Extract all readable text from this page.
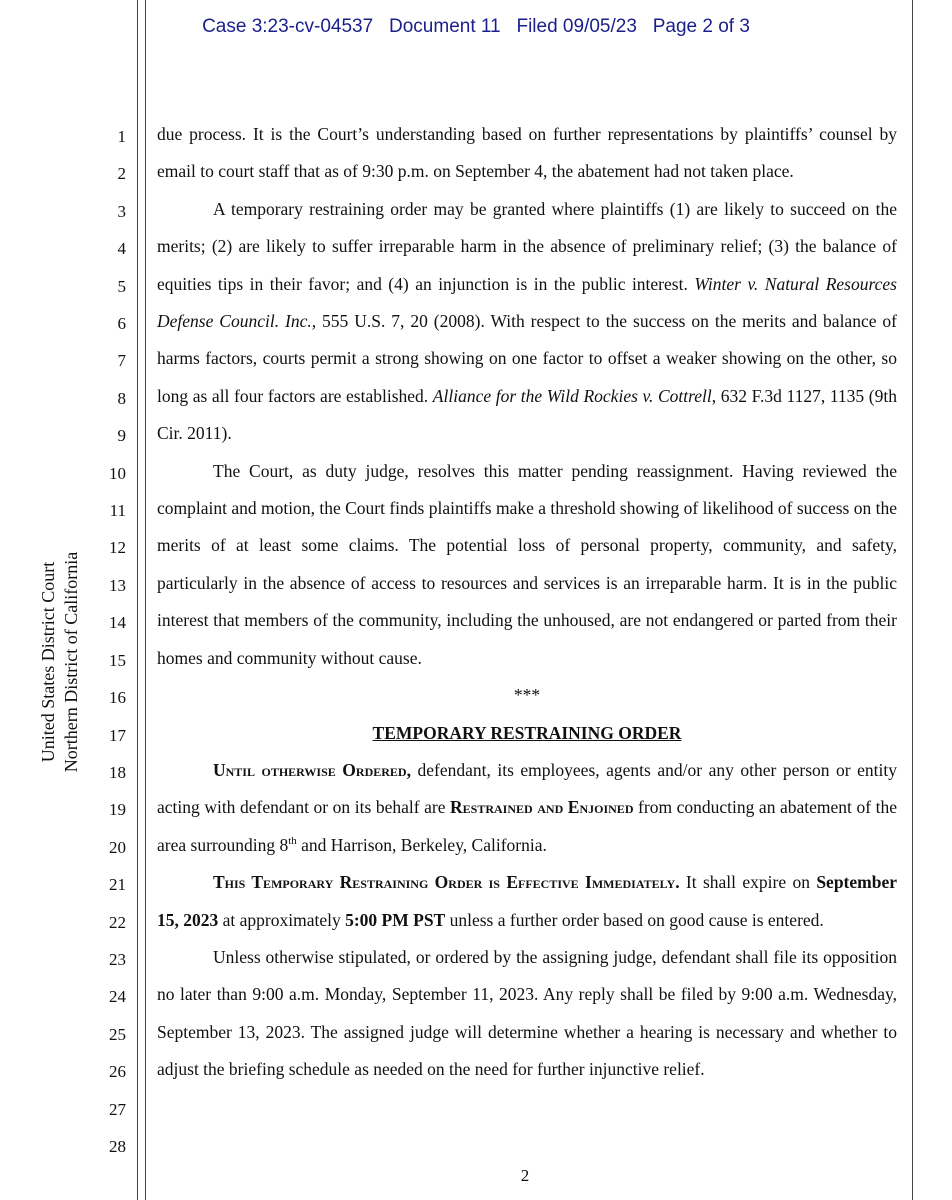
Case 3:23-cv-04537 Document 11 Filed 09/05/23 Page 2 of 3
United States District Court Northern District of California
1
2
3
4
5
6
7
8
9
10
11
12
13
14
15
16
17
18
19
20
21
22
23
24
25
26
27
28

due process. It is the Court’s understanding based on further representations by plaintiffs’ counsel by email to court staff that as of 9:30 p.m. on September 4, the abatement had not taken place.

A temporary restraining order may be granted where plaintiffs (1) are likely to succeed on the merits; (2) are likely to suffer irreparable harm in the absence of preliminary relief; (3) the balance of equities tips in their favor; and (4) an injunction is in the public interest. Winter v. Natural Resources Defense Council. Inc., 555 U.S. 7, 20 (2008). With respect to the success on the merits and balance of harms factors, courts permit a strong showing on one factor to offset a weaker showing on the other, so long as all four factors are established. Alliance for the Wild Rockies v. Cottrell, 632 F.3d 1127, 1135 (9th Cir. 2011).

The Court, as duty judge, resolves this matter pending reassignment. Having reviewed the complaint and motion, the Court finds plaintiffs make a threshold showing of likelihood of success on the merits of at least some claims. The potential loss of personal property, community, and safety, particularly in the absence of access to resources and services is an irreparable harm. It is in the public interest that members of the community, including the unhoused, are not endangered or parted from their homes and community without cause.

***

TEMPORARY RESTRAINING ORDER

Until otherwise Ordered, defendant, its employees, agents and/or any other person or entity acting with defendant or on its behalf are Restrained and Enjoined from conducting an abatement of the area surrounding 8th and Harrison, Berkeley, California.

This Temporary Restraining Order is Effective Immediately. It shall expire on September 15, 2023 at approximately 5:00 PM PST unless a further order based on good cause is entered.

Unless otherwise stipulated, or ordered by the assigning judge, defendant shall file its opposition no later than 9:00 a.m. Monday, September 11, 2023. Any reply shall be filed by 9:00 a.m. Wednesday, September 13, 2023. The assigned judge will determine whether a hearing is necessary and whether to adjust the briefing schedule as needed on the need for further injunctive relief.

2
